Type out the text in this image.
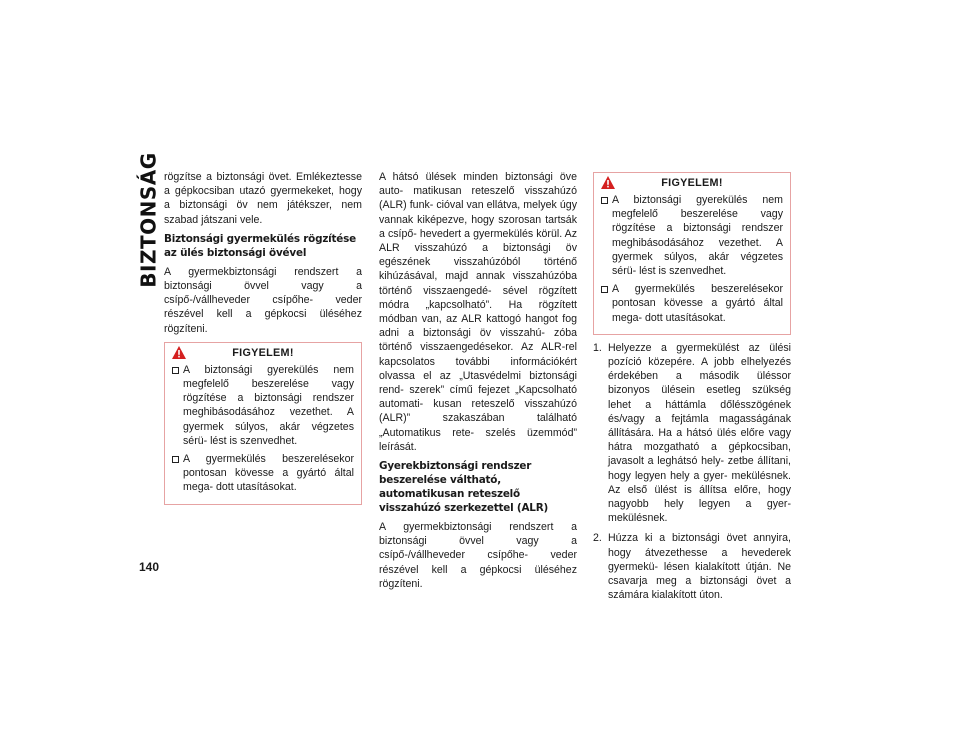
BIZTONSÁG rögzítse a biztonsági övet. Emlékeztesse a gépkocsiban utazó gyermekeket, hogy a biztonsági öv nem játékszer, nem szabad játszani vele.

Biztonsági gyermekülés rögzítése az ülés biztonsági övével

A gyermekbiztonsági rendszert a biztonsági övvel vagy a csípő-/vállheveder csípőhe- veder részével kell a gépkocsi üléséhez rögzíteni.

FIGYELEM!
A biztonsági gyerekülés nem megfelelő beszerelése vagy rögzítése a biztonsági rendszer meghibásodásához vezethet. A gyermek súlyos, akár végzetes sérü- lést is szenvedhet.
A gyermekülés beszerelésekor pontosan kövesse a gyártó által mega- dott utasításokat.

A hátsó ülések minden biztonsági öve auto- matikusan reteszelő visszahúzó (ALR) funk- cióval van ellátva, melyek úgy vannak kiképezve, hogy szorosan tartsák a csípő- hevedert a gyermekülés körül. Az ALR visszahúzó a biztonsági öv egészének visszahúzóból történő kihúzásával, majd annak visszahúzóba történő visszaengedé- sével rögzített módra „kapcsolható”. Ha rögzített módban van, az ALR kattogó hangot fog adni a biztonsági öv visszahú- zóba történő visszaengedésekor. Az ALR-rel kapcsolatos további információkért olvassa el az „Utasvédelmi biztonsági rend- szerek” című fejezet „Kapcsolható automati- kusan reteszelő visszahúzó (ALR)” szakaszában található „Automatikus rete- szelés üzemmód” leírását.

Gyerekbiztonsági rendszer beszerelése váltható, automatikusan reteszelő visszahúzó szerkezettel (ALR)

A gyermekbiztonsági rendszert a biztonsági övvel vagy a csípő-/vállheveder csípőhe- veder részével kell a gépkocsi üléséhez rögzíteni.

FIGYELEM!
A biztonsági gyerekülés nem megfelelő beszerelése vagy rögzítése a biztonsági rendszer meghibásodásához vezethet. A gyermek súlyos, akár végzetes sérü- lést is szenvedhet.
A gyermekülés beszerelésekor pontosan kövesse a gyártó által mega- dott utasításokat.
1. Helyezze a gyermekülést az ülési pozíció közepére. A jobb elhelyezés érdekében a második üléssor bizonyos ülésein esetleg szükség lehet a háttámla dőlésszögének és/vagy a fejtámla magasságának állítására. Ha a hátsó ülés előre vagy hátra mozgatható a gépkocsiban, javasolt a leghátsó hely- zetbe állítani, hogy legyen hely a gyer- mekülésnek. Az első ülést is állítsa előre, hogy nagyobb hely legyen a gyer- mekülésnek.
2. Húzza ki a biztonsági övet annyira, hogy átvezethesse a hevederek gyermekü- lésen kialakított útján. Ne csavarja meg a biztonsági övet a számára kialakított úton.
140
